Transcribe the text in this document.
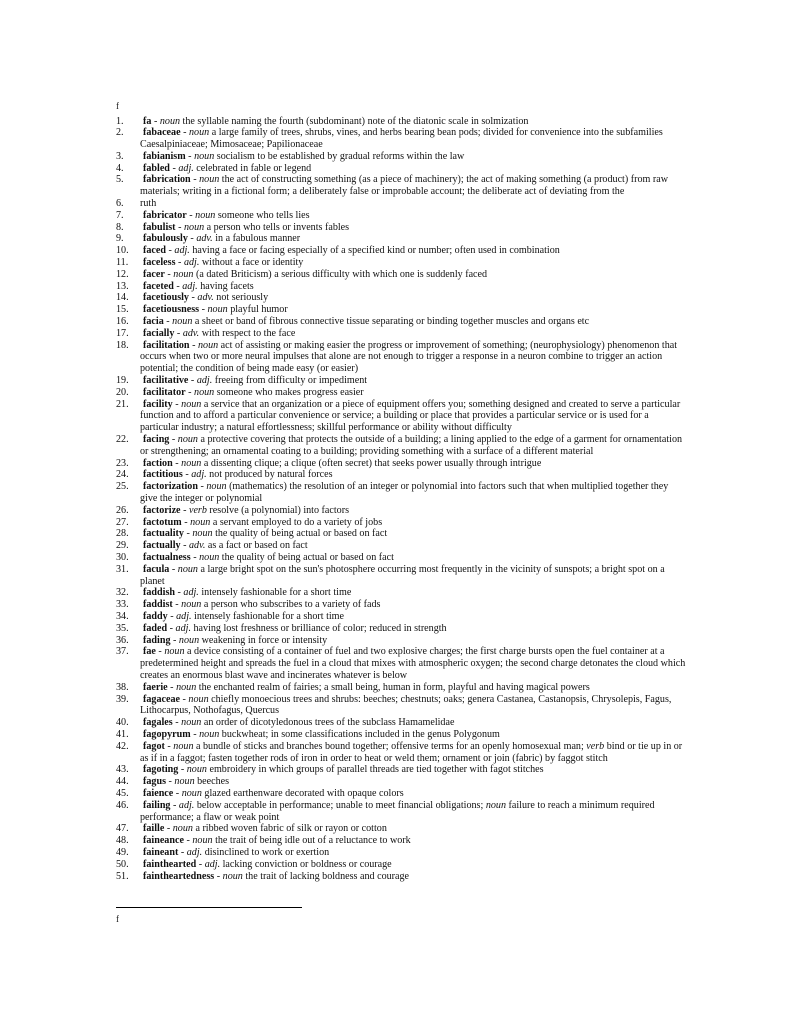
f
1.	fa - noun the syllable naming the fourth (subdominant) note of the diatonic scale in solmization
2.	fabaceae - noun a large family of trees, shrubs, vines, and herbs bearing bean pods; divided for convenience into the subfamilies Caesalpiniaceae; Mimosaceae; Papilionaceae
3.	fabianism - noun socialism to be established by gradual reforms within the law
4.	fabled - adj. celebrated in fable or legend
5.	fabrication - noun the act of constructing something (as a piece of machinery); the act of making something (a product) from raw materials; writing in a fictional form; a deliberately false or improbable account; the deliberate act of deviating from the
6.	ruth
7.	fabricator - noun someone who tells lies
8.	fabulist - noun a person who tells or invents fables
9.	fabulously - adv. in a fabulous manner
10.	faced - adj. having a face or facing especially of a specified kind or number; often used in combination
11.	faceless - adj. without a face or identity
12.	facer - noun (a dated Briticism) a serious difficulty with which one is suddenly faced
13.	faceted - adj. having facets
14.	facetiously - adv. not seriously
15.	facetiousness - noun playful humor
16.	facia - noun a sheet or band of fibrous connective tissue separating or binding together muscles and organs etc
17.	facially - adv. with respect to the face
18.	facilitation - noun act of assisting or making easier the progress or improvement of something; (neurophysiology) phenomenon that occurs when two or more neural impulses that alone are not enough to trigger a response in a neuron combine to trigger an action potential; the condition of being made easy (or easier)
19.	facilitative - adj. freeing from difficulty or impediment
20.	facilitator - noun someone who makes progress easier
21.	facility - noun a service that an organization or a piece of equipment offers you; something designed and created to serve a particular function and to afford a particular convenience or service; a building or place that provides a particular service or is used for a particular industry; a natural effortlessness; skillful performance or ability without difficulty
22.	facing - noun a protective covering that protects the outside of a building; a lining applied to the edge of a garment for ornamentation or strengthening; an ornamental coating to a building; providing something with a surface of a different material
23.	faction - noun a dissenting clique; a clique (often secret) that seeks power usually through intrigue
24.	factitious - adj. not produced by natural forces
25.	factorization - noun (mathematics) the resolution of an integer or polynomial into factors such that when multiplied together they give the integer or polynomial
26.	factorize - verb resolve (a polynomial) into factors
27.	factotum - noun a servant employed to do a variety of jobs
28.	factuality - noun the quality of being actual or based on fact
29.	factually - adv. as a fact or based on fact
30.	factualness - noun the quality of being actual or based on fact
31.	facula - noun a large bright spot on the sun's photosphere occurring most frequently in the vicinity of sunspots; a bright spot on a planet
32.	faddish - adj. intensely fashionable for a short time
33.	faddist - noun a person who subscribes to a variety of fads
34.	faddy - adj. intensely fashionable for a short time
35.	faded - adj. having lost freshness or brilliance of color; reduced in strength
36.	fading - noun weakening in force or intensity
37.	fae - noun a device consisting of a container of fuel and two explosive charges; the first charge bursts open the fuel container at a predetermined height and spreads the fuel in a cloud that mixes with atmospheric oxygen; the second charge detonates the cloud which creates an enormous blast wave and incinerates whatever is below
38.	faerie - noun the enchanted realm of fairies; a small being, human in form, playful and having magical powers
39.	fagaceae - noun chiefly monoecious trees and shrubs: beeches; chestnuts; oaks; genera Castanea, Castanopsis, Chrysolepis, Fagus, Lithocarpus, Nothofagus, Quercus
40.	fagales - noun an order of dicotyledonous trees of the subclass Hamamelidae
41.	fagopyrum - noun buckwheat; in some classifications included in the genus Polygonum
42.	fagot - noun a bundle of sticks and branches bound together; offensive terms for an openly homosexual man; verb bind or tie up in or as if in a faggot; fasten together rods of iron in order to heat or weld them; ornament or join (fabric) by faggot stitch
43.	fagoting - noun embroidery in which groups of parallel threads are tied together with fagot stitches
44.	fagus - noun beeches
45.	faience - noun glazed earthenware decorated with opaque colors
46.	failing - adj. below acceptable in performance; unable to meet financial obligations; noun failure to reach a minimum required performance; a flaw or weak point
47.	faille - noun a ribbed woven fabric of silk or rayon or cotton
48.	faineance - noun the trait of being idle out of a reluctance to work
49.	faineant - adj. disinclined to work or exertion
50.	fainthearted - adj. lacking conviction or boldness or courage
51.	faintheartedness - noun the trait of lacking boldness and courage
f
